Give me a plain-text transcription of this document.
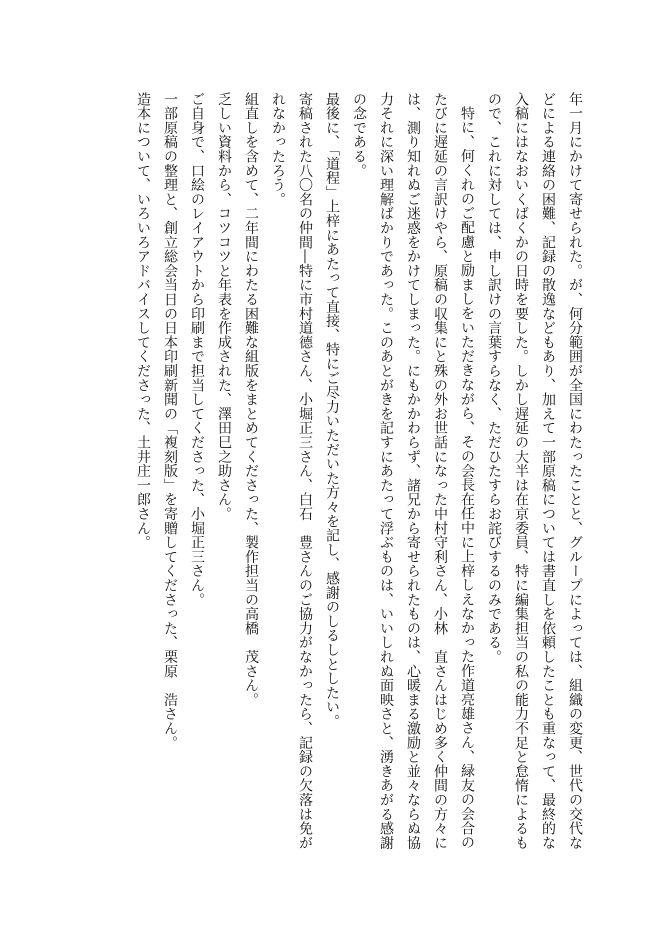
年一月にかけて寄せられた。が、何分範囲が全国にわたったことと、グループによっては、組織の変更、世代の交代などによる連絡の困難、記録の散逸などもあり、加えて一部原稿については書直しを依頼したことも重なって、最終的な入稿にはなおいくばくかの日時を要した。しかし遅延の大半は在京委員、特に編集担当の私の能力不足と怠惰によるもので、これに対しては、申し訳けの言葉すらなく、ただひたすらお詫びするのみである。

特に、何くれのご配慮と励ましをいただきながら、その会長在任中に上梓しえなかった作道亮雄さん、緑友の会合のたびに遅延の言訳けやら、原稿の収集にと殊の外お世話になった中村守利さん、小林　直さんはじめ多く仲間の方々には、測り知れぬご迷惑をかけてしまった。にもかかわらず、諸兄から寄せられたものは、心暖まる激励と並々ならぬ協力それに深い理解ばかりであった。このあとがきを記すにあたって浮ぶものは、いいしれぬ面映さと、湧きあがる感謝の念である。

最後に、「道程」上梓にあたって直接、特にご尽力いただいた方々を記し、感謝のしるしとしたい。

寄稿された八〇名の仲間―特に市村道德さん、小堀正三さん、白石　豊さんのご協力がなかったら、記録の欠落は免がれなかったろう。

組直しを含めて、二年間にわたる困難な組版をまとめてくださった、製作担当の高橋　茂さん。

乏しい資料から、コツコツと年表を作成された、澤田巳之助さん。

ご自身で、口絵のレイアウトから印刷まで担当してくださった、小堀正三さん。

一部原稿の整理と、創立総会当日の日本印刷新聞の「複刻版」を寄贈してくださった、栗原　浩さん。

造本について、いろいろアドバイスしてくださった、土井庄一郎さん。
